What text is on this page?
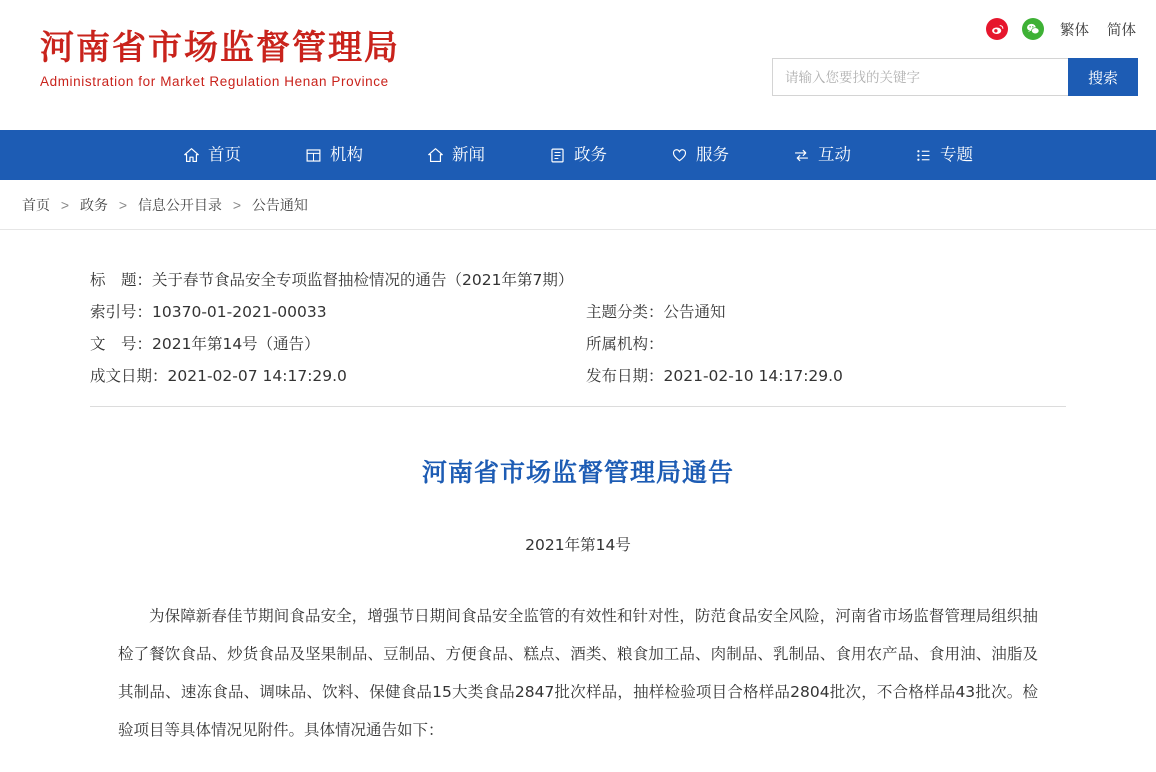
河南省市场监督管理局
Administration for Market Regulation Henan Province
繁体 简体
请输入您要找的关键字
搜索
首页	机构	新闻	政务	服务	互动	专题
首页 > 政务 > 信息公开目录 > 公告通知
标　题：关于春节食品安全专项监督抽检情况的通告（2021年第7期）
索引号：10370-01-2021-00033	主题分类：公告通知
文　号：2021年第14号（通告）	所属机构：
成文日期：2021-02-07 14:17:29.0	发布日期：2021-02-10 14:17:29.0
河南省市场监督管理局通告
2021年第14号
为保障新春佳节期间食品安全，增强节日期间食品安全监管的有效性和针对性，防范食品安全风险，河南省市场监督管理局组织抽检了餐饮食品、炒货食品及坚果制品、豆制品、方便食品、糕点、酒类、粮食加工品、肉制品、乳制品、食用农产品、食用油、油脂及其制品、速冻食品、调味品、饮料、保健食品15大类食品2847批次样品，抽样检验项目合格样品2804批次，不合格样品43批次。检验项目等具体情况见附件。具体情况通告如下：
